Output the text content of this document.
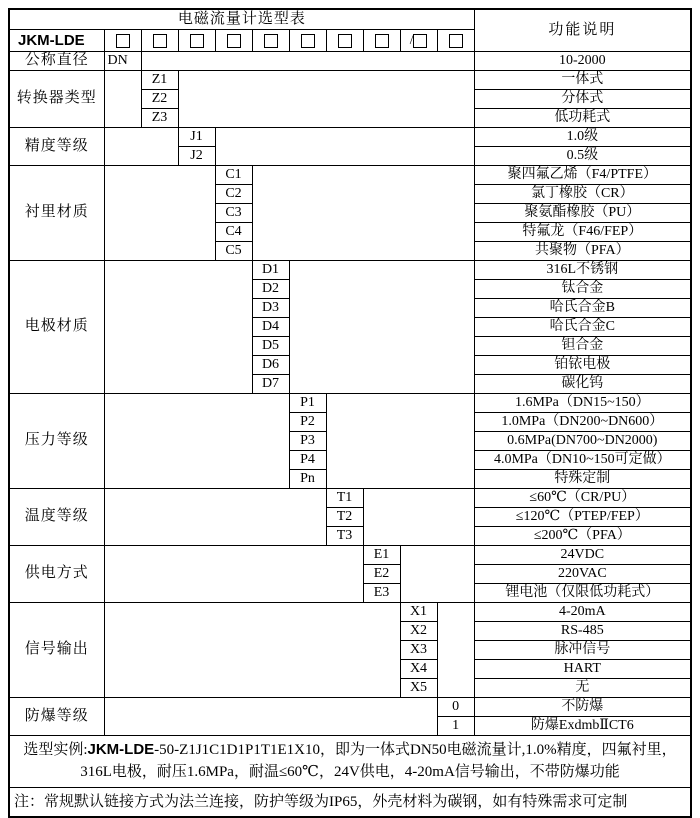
电磁流量计选型表											功能说明
JKM-LDE									/		
公称直径	DN										10-2000
转换器类型		Z1									一体式
		Z2									分体式
		Z3									低功耗式
精度等级			J1								1.0级
			J2								0.5级
衬里材质				C1							聚四氟乙烯（F4/PTFE）
				C2							氯丁橡胶（CR）
				C3							聚氨酯橡胶（PU）
				C4							特氟龙（F46/FEP）
				C5							共聚物（PFA）
电极材质					D1						316L不锈钢
					D2						钛合金
					D3						哈氏合金B
					D4						哈氏合金C
					D5						钽合金
					D6						铂铱电极
					D7						碳化钨
压力等级						P1					1.6MPa（DN15~150）
						P2					1.0MPa（DN200~DN600）
						P3					0.6MPa(DN700~DN2000)
						P4					4.0MPa（DN10~150可定做）
						Pn					特殊定制
温度等级							T1				≤60℃（CR/PU）
							T2				≤120℃（PTEP/FEP）
							T3				≤200℃（PFA）
供电方式								E1			24VDC
								E2			220VAC
								E3			锂电池（仅限低功耗式）
信号输出									X1		4-20mA
									X2		RS-485
									X3		脉冲信号
									X4		HART
									X5		无
防爆等级										0	不防爆
										1	防爆ExdmbⅡCT6
选型实例:JKM-LDE-50-Z1J1C1D1P1T1E1X10，即为一体式DN50电磁流量计,1.0%精度，四氟衬里，
316L电极，耐压1.6MPa，耐温≤60℃，24V供电，4-20mA信号输出，不带防爆功能											
注：常规默认链接方式为法兰连接，防护等级为IP65，外壳材料为碳钢，如有特殊需求可定制											
